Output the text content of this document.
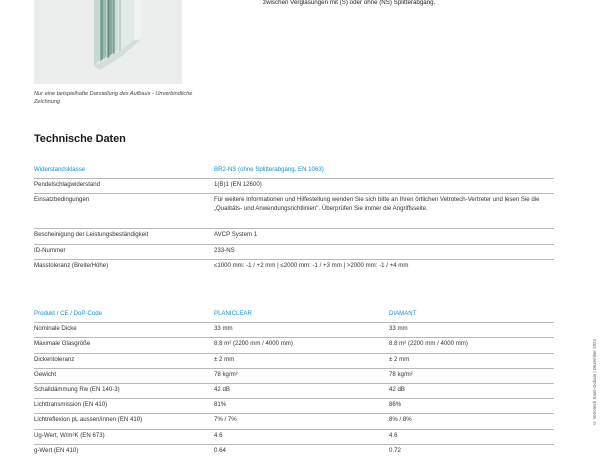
Nur eine beispielhafte Darstellung des Aufbaus - Unverbindliche Zeichnung
zwischen Verglasungen mit (S) oder ohne (NS) Splitterabgang.
Technische Daten
Widerstandsklasse	BR2-NS (ohne Splitterabgang, EN 1063)
Pendelschlagwiderstand	1(B)1 (EN 12600)
Einsatzbedingungen	Für weitere Informationen und Hilfestellung wenden Sie sich bitte an Ihren örtlichen Vetrotech-Vertreter und lesen Sie die „Qualitäts- und Anwendungsrichtlinien". Überprüfen Sie immer die Angriffsseite.
Bescheinigung der Leistungsbeständigkeit	AVCP System 1
ID-Nummer	233-NS
Masstoleranz (Breite/Höhe)	≤1000 mm: -1 / +2 mm | ≤2000 mm: -1 / +3 mm | >2000 mm: -1 / +4 mm
Produkt / CE / DoP-Code	PLANICLEAR	DIAMANT
Nominale Dicke	33 mm	33 mm
Maximale Glasgröße	8.8 m² (2200 mm / 4000 mm)	8.8 m² (2200 mm / 4000 mm)
Dickentoleranz	± 2 mm	± 2 mm
Gewicht	78 kg/m²	78 kg/m²
Schalldämmung Rw (EN 140-3)	42 dB	42 dB
Lichttransmission (EN 410)	81%	86%
Lichtreflexion pL aussen/innen (EN 410)	7% / 7%	8% / 8%
Ug-Wert, W/m²K (EN 673)	4.6	4.6
g-Wert (EN 410)	0.64	0.72
© Vetrotech Saint-Gobain | Dezember 2024
